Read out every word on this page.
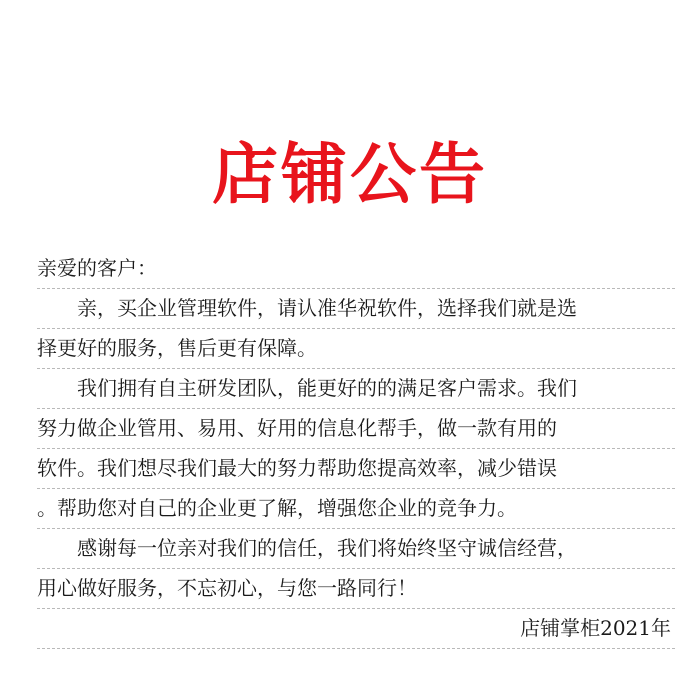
店铺公告
亲爱的客户：
亲，买企业管理软件，请认准华祝软件，选择我们就是选
择更好的服务，售后更有保障。
我们拥有自主研发团队，能更好的的满足客户需求。我们
努力做企业管用、易用、好用的信息化帮手，做一款有用的
软件。我们想尽我们最大的努力帮助您提高效率，减少错误
。帮助您对自己的企业更了解，增强您企业的竞争力。
感谢每一位亲对我们的信任，我们将始终坚守诚信经营，
用心做好服务，不忘初心，与您一路同行！
店铺掌柜2021年
